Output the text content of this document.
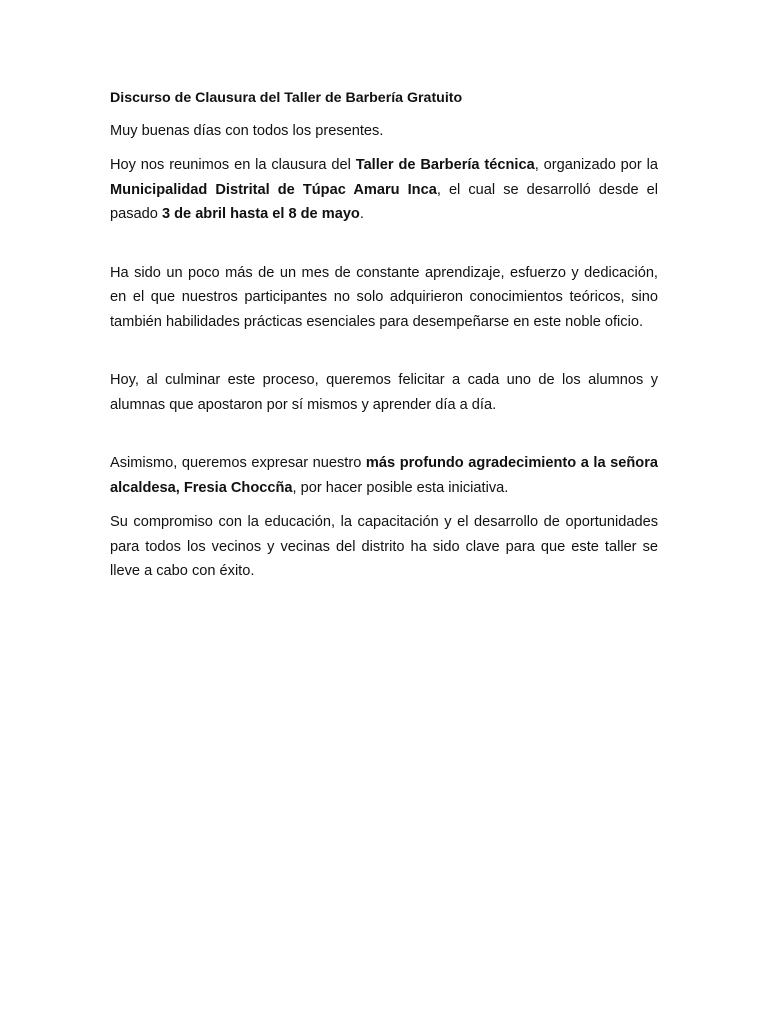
Discurso de Clausura del Taller de Barbería Gratuito

Muy buenas días con todos los presentes.

Hoy nos reunimos en la clausura del Taller de Barbería técnica, organizado por la Municipalidad Distrital de Túpac Amaru Inca, el cual se desarrolló desde el pasado 3 de abril hasta el 8 de mayo.

Ha sido un poco más de un mes de constante aprendizaje, esfuerzo y dedicación, en el que nuestros participantes no solo adquirieron conocimientos teóricos, sino también habilidades prácticas esenciales para desempeñarse en este noble oficio.

Hoy, al culminar este proceso, queremos felicitar a cada uno de los alumnos y alumnas que apostaron por sí mismos y aprender día a día.

Asimismo, queremos expresar nuestro más profundo agradecimiento a la señora alcaldesa, Fresia Choccña, por hacer posible esta iniciativa.

Su compromiso con la educación, la capacitación y el desarrollo de oportunidades para todos los vecinos y vecinas del distrito ha sido clave para que este taller se lleve a cabo con éxito.
